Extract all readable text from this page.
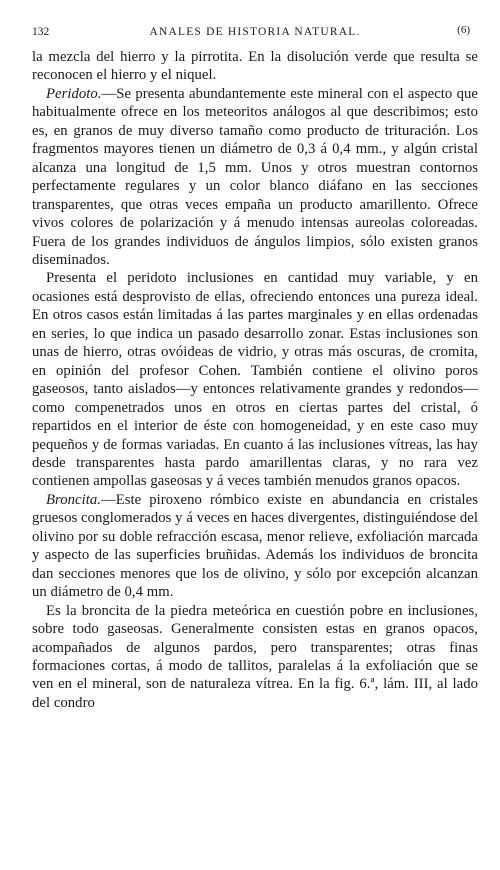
132	ANALES DE HISTORIA NATURAL.	(6)

la mezcla del hierro y la pirrotita. En la disolución verde que resulta se reconocen el hierro y el niquel.

Peridoto.—Se presenta abundantemente este mineral con el aspecto que habitualmente ofrece en los meteoritos análogos al que describimos; esto es, en granos de muy diverso tamaño como producto de trituración. Los fragmentos mayores tienen un diámetro de 0,3 á 0,4 mm., y algún cristal alcanza una longitud de 1,5 mm. Unos y otros muestran contornos perfectamente regulares y un color blanco diáfano en las secciones transparentes, que otras veces empaña un producto amarillento. Ofrece vivos colores de polarización y á menudo intensas aureolas coloreadas. Fuera de los grandes individuos de ángulos limpios, sólo existen granos diseminados.

Presenta el peridoto inclusiones en cantidad muy variable, y en ocasiones está desprovisto de ellas, ofreciendo entonces una pureza ideal. En otros casos están limitadas á las partes marginales y en ellas ordenadas en series, lo que indica un pasado desarrollo zonar. Estas inclusiones son unas de hierro, otras ovóideas de vidrio, y otras más oscuras, de cromita, en opinión del profesor Cohen. También contiene el olivino poros gaseosos, tanto aislados—y entonces relativamente grandes y redondos—como compenetrados unos en otros en ciertas partes del cristal, ó repartidos en el interior de éste con homogeneidad, y en este caso muy pequeños y de formas variadas. En cuanto á las inclusiones vítreas, las hay desde transparentes hasta pardo amarillentas claras, y no rara vez contienen ampollas gaseosas y á veces también menudos granos opacos.

Broncita.—Este piroxeno rómbico existe en abundancia en cristales gruesos conglomerados y á veces en haces divergentes, distinguiéndose del olivino por su doble refracción escasa, menor relieve, exfoliación marcada y aspecto de las superficies bruñidas. Además los individuos de broncita dan secciones menores que los de olivino, y sólo por excepción alcanzan un diámetro de 0,4 mm.

Es la broncita de la piedra meteórica en cuestión pobre en inclusiones, sobre todo gaseosas. Generalmente consisten estas en granos opacos, acompañados de algunos pardos, pero transparentes; otras finas formaciones cortas, á modo de tallitos, paralelas á la exfoliación que se ven en el mineral, son de naturaleza vítrea. En la fig. 6.ª, lám. III, al lado del condro
